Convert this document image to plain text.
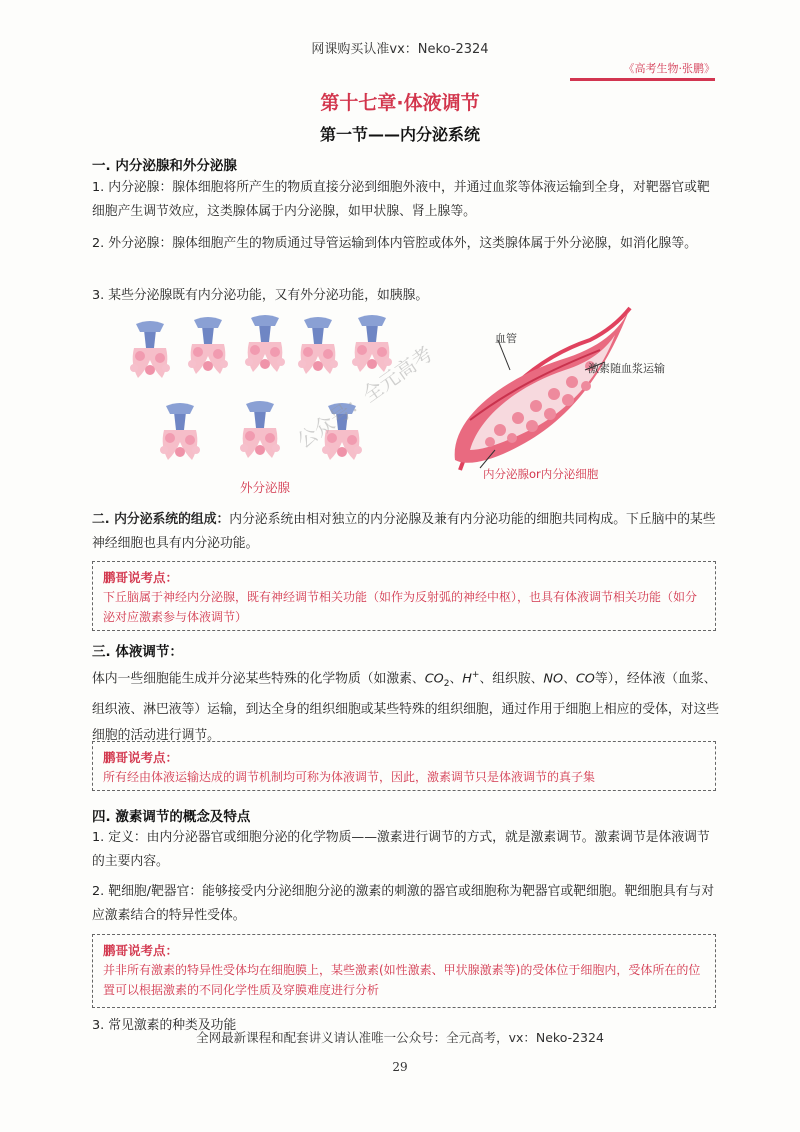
网课购买认准vx：Neko-2324
《高考生物·张鹏》
第十七章·体液调节
第一节——内分泌系统
一. 内分泌腺和外分泌腺
1. 内分泌腺：腺体细胞将所产生的物质直接分泌到细胞外液中，并通过血浆等体液运输到全身，对靶器官或靶细胞产生调节效应，这类腺体属于内分泌腺，如甲状腺、肾上腺等。
2. 外分泌腺：腺体细胞产生的物质通过导管运输到体内管腔或体外，这类腺体属于外分泌腺，如消化腺等。
3. 某些分泌腺既有内分泌功能，又有外分泌功能，如胰腺。
外分泌腺
血管
激素随血浆运输
内分泌腺or内分泌细胞
公众号：全元高考
二. 内分泌系统的组成：内分泌系统由相对独立的内分泌腺及兼有内分泌功能的细胞共同构成。下丘脑中的某些神经细胞也具有内分泌功能。
鹏哥说考点：
下丘脑属于神经内分泌腺，既有神经调节相关功能（如作为反射弧的神经中枢），也具有体液调节相关功能（如分泌对应激素参与体液调节）
三. 体液调节：
体内一些细胞能生成并分泌某些特殊的化学物质（如激素、$CO_2$、H+、组织胺、NO、CO等），经体液（血浆、组织液、淋巴液等）运输，到达全身的组织细胞或某些特殊的组织细胞，通过作用于细胞上相应的受体，对这些细胞的活动进行调节。
鹏哥说考点：
所有经由体液运输达成的调节机制均可称为体液调节，因此，激素调节只是体液调节的真子集
四. 激素调节的概念及特点
1. 定义：由内分泌器官或细胞分泌的化学物质——激素进行调节的方式，就是激素调节。激素调节是体液调节的主要内容。
2. 靶细胞/靶器官：能够接受内分泌细胞分泌的激素的刺激的器官或细胞称为靶器官或靶细胞。靶细胞具有与对应激素结合的特异性受体。
鹏哥说考点：
并非所有激素的特异性受体均在细胞膜上，某些激素(如性激素、甲状腺激素等)的受体位于细胞内，受体所在的位置可以根据激素的不同化学性质及穿膜难度进行分析
3. 常见激素的种类及功能
全网最新课程和配套讲义请认准唯一公众号：全元高考，vx：Neko-2324
29
